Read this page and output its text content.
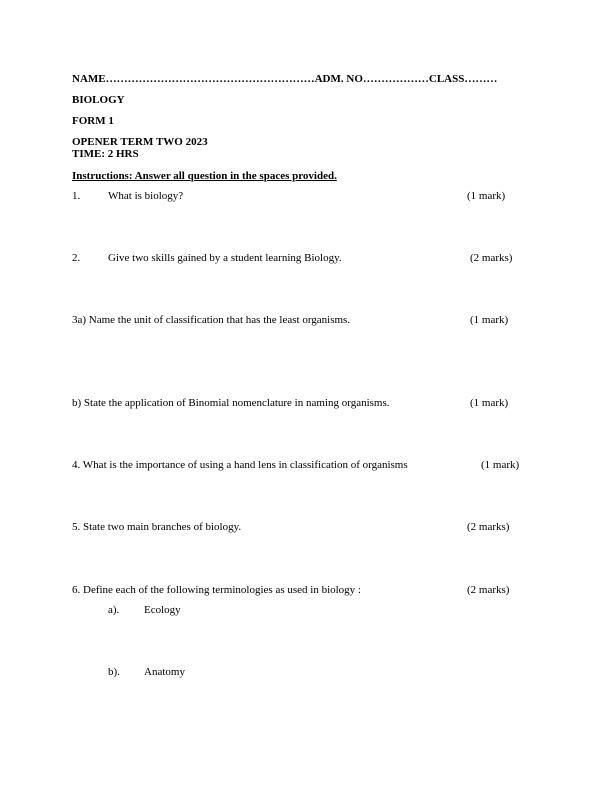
NAME…………………………………………………ADM. NO………………CLASS………
BIOLOGY
FORM 1
OPENER TERM TWO 2023
TIME: 2 HRS
Instructions: Answer all question in the spaces provided.
1.	What is biology?	(1 mark)
2.	Give two skills gained by a student learning Biology.	(2 marks)
3a) Name the unit of classification that has the least organisms.	(1 mark)
b) State the application of Binomial nomenclature in naming organisms.	(1 mark)
4. What is the importance of using a hand lens in classification of organisms	(1 mark)
5. State two main branches of biology.	(2 marks)
6. Define each of the following terminologies as used in biology :	(2 marks)
a). Ecology
b). Anatomy
